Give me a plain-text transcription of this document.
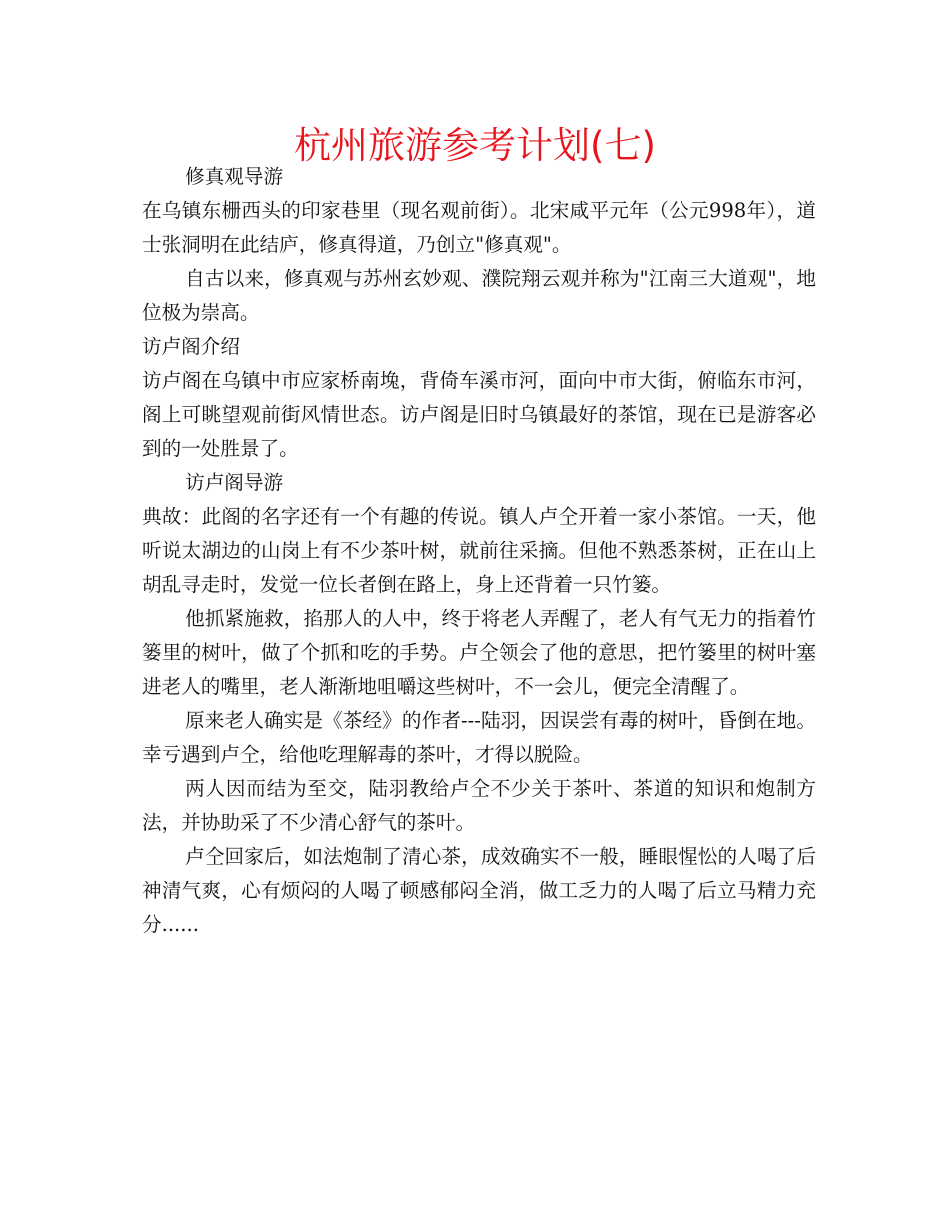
杭州旅游参考计划(七)

修真观导游

在乌镇东栅西头的印家巷里（现名观前街）。北宋咸平元年（公元998年），道士张洞明在此结庐，修真得道，乃创立"修真观"。

自古以来，修真观与苏州玄妙观、濮院翔云观并称为"江南三大道观"，地位极为崇高。

访卢阁介绍

访卢阁在乌镇中市应家桥南堍，背倚车溪市河，面向中市大街，俯临东市河，阁上可眺望观前街风情世态。访卢阁是旧时乌镇最好的茶馆，现在已是游客必到的一处胜景了。

访卢阁导游

典故：此阁的名字还有一个有趣的传说。镇人卢仝开着一家小茶馆。一天，他听说太湖边的山岗上有不少茶叶树，就前往采摘。但他不熟悉茶树，正在山上胡乱寻走时，发觉一位长者倒在路上，身上还背着一只竹篓。

他抓紧施救，掐那人的人中，终于将老人弄醒了，老人有气无力的指着竹篓里的树叶，做了个抓和吃的手势。卢仝领会了他的意思，把竹篓里的树叶塞进老人的嘴里，老人渐渐地咀嚼这些树叶，不一会儿，便完全清醒了。

原来老人确实是《茶经》的作者---陆羽，因误尝有毒的树叶，昏倒在地。幸亏遇到卢仝，给他吃理解毒的茶叶，才得以脱险。

两人因而结为至交，陆羽教给卢仝不少关于茶叶、茶道的知识和炮制方法，并协助采了不少清心舒气的茶叶。

卢仝回家后，如法炮制了清心茶，成效确实不一般，睡眼惺忪的人喝了后神清气爽，心有烦闷的人喝了顿感郁闷全消，做工乏力的人喝了后立马精力充分......
